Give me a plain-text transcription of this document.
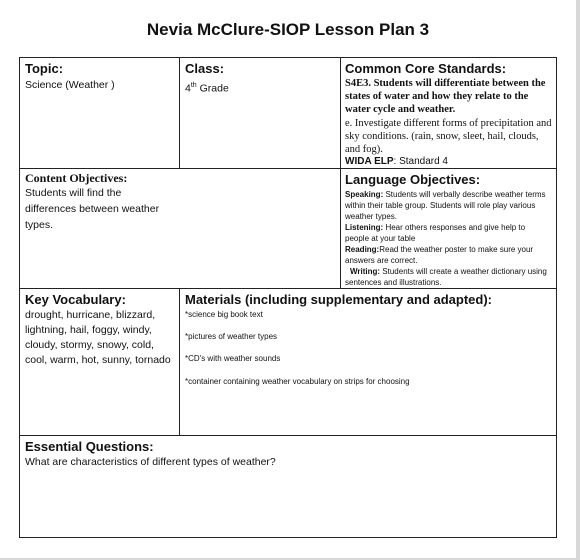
Nevia McClure-SIOP Lesson Plan 3
Topic:
Science (Weather )
Class:
4th Grade
Common Core Standards:
S4E3. Students will differentiate between the states of water and how they relate to the water cycle and weather.
e. Investigate different forms of precipitation and sky conditions. (rain, snow, sleet, hail, clouds, and fog).
WIDA ELP: Standard 4
Content Objectives:
Students will find the differences between weather types.
Language Objectives:
Speaking: Students will verbally describe weather terms within their table group. Students will role play various weather types.
Listening: Hear others responses and give help to people at your table
Reading:Read the weather poster to make sure your answers are correct.
Writing: Students will create a weather dictionary using sentences and illustrations.
Key Vocabulary:
drought, hurricane, blizzard,
lightning, hail, foggy, windy,
cloudy, stormy, snowy, cold,
cool, warm, hot, sunny, tornado
Materials (including supplementary and adapted):
*science big book text
*pictures of weather types
*CD's with weather sounds
*container containing weather vocabulary on strips for choosing
Essential Questions:
What are characteristics of different types of weather?
